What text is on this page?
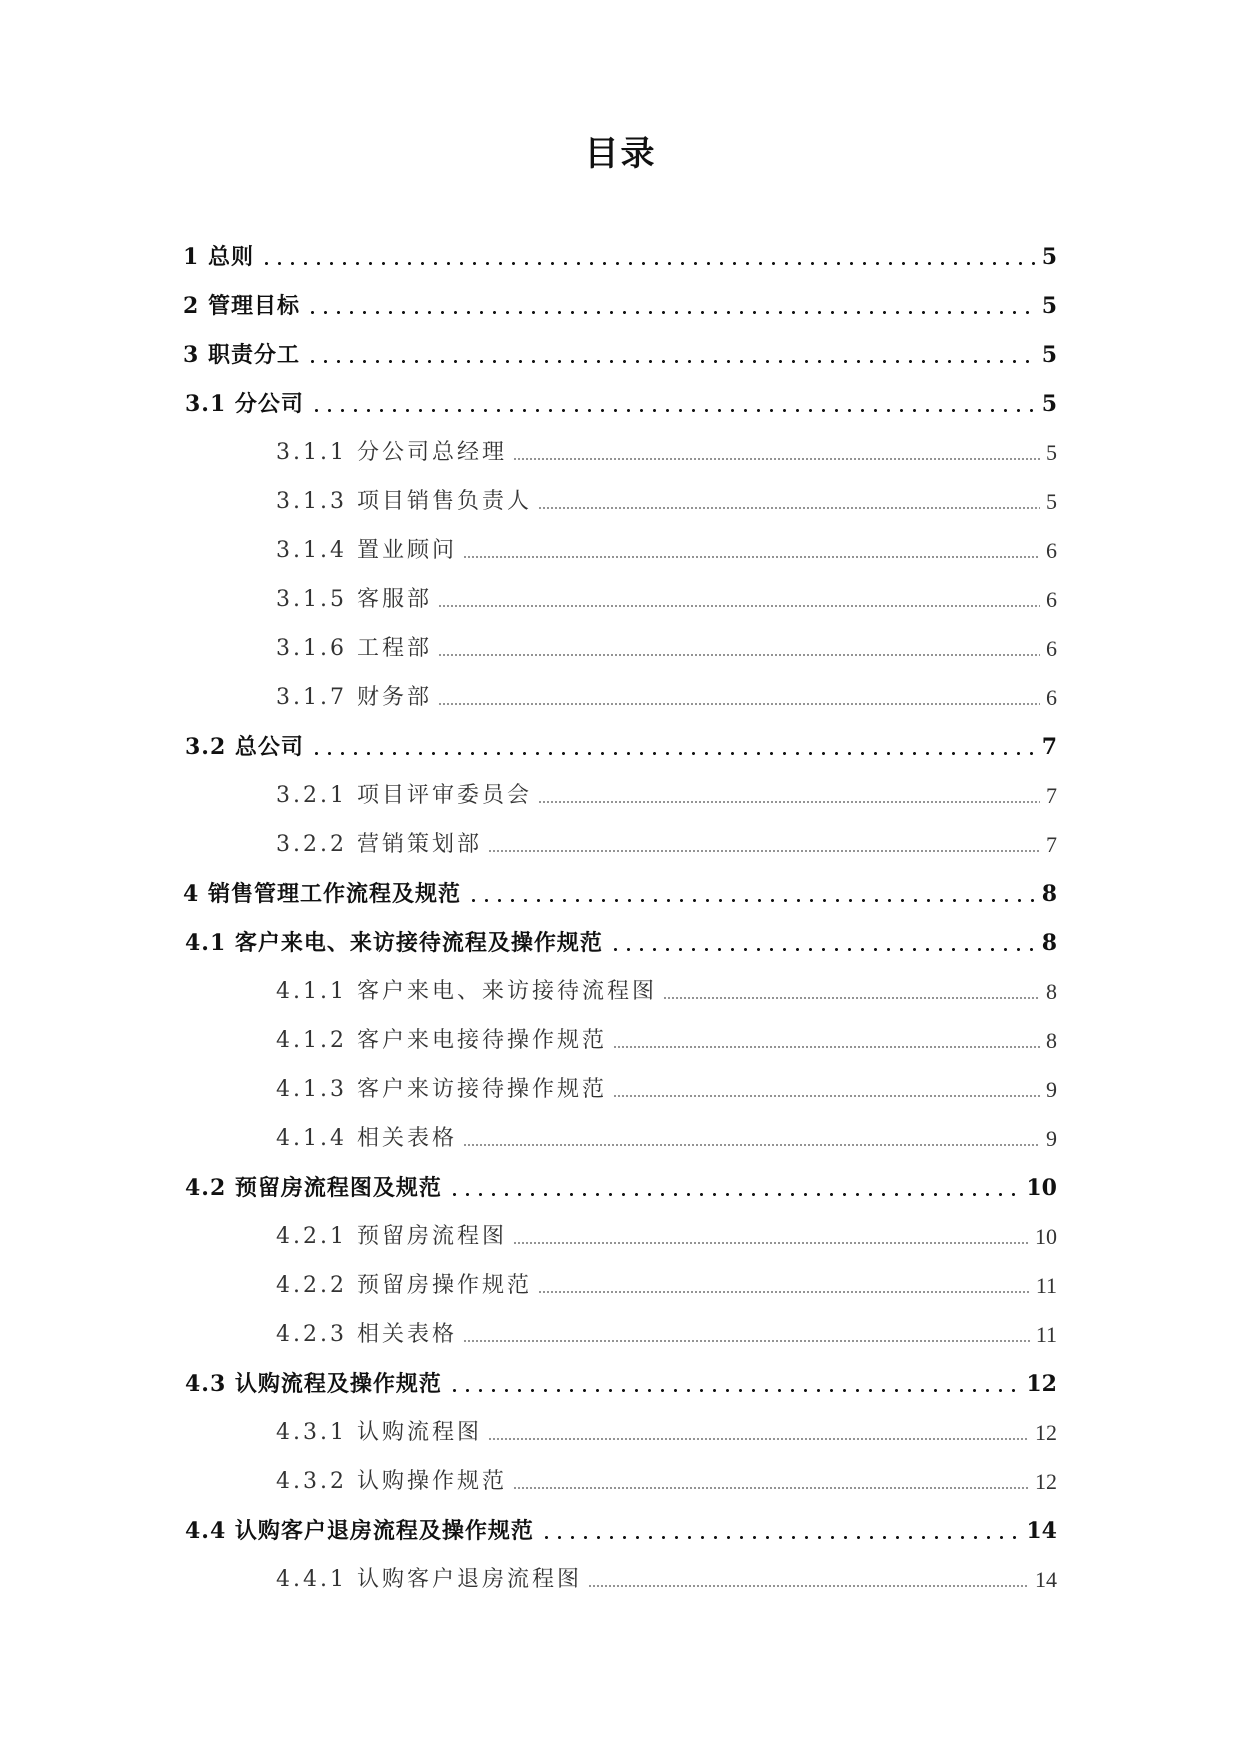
目录
1 总则	5
2 管理目标	5
3 职责分工	5
3.1 分公司	5
3.1.1 分公司总经理	5
3.1.3 项目销售负责人	5
3.1.4 置业顾问	6
3.1.5 客服部	6
3.1.6 工程部	6
3.1.7 财务部	6
3.2 总公司	7
3.2.1 项目评审委员会	7
3.2.2 营销策划部	7
4 销售管理工作流程及规范	8
4.1 客户来电、来访接待流程及操作规范	8
4.1.1 客户来电、来访接待流程图	8
4.1.2 客户来电接待操作规范	8
4.1.3 客户来访接待操作规范	9
4.1.4 相关表格	9
4.2 预留房流程图及规范	10
4.2.1 预留房流程图	10
4.2.2 预留房操作规范	11
4.2.3 相关表格	11
4.3 认购流程及操作规范	12
4.3.1 认购流程图	12
4.3.2 认购操作规范	12
4.4 认购客户退房流程及操作规范	14
4.4.1 认购客户退房流程图	14
